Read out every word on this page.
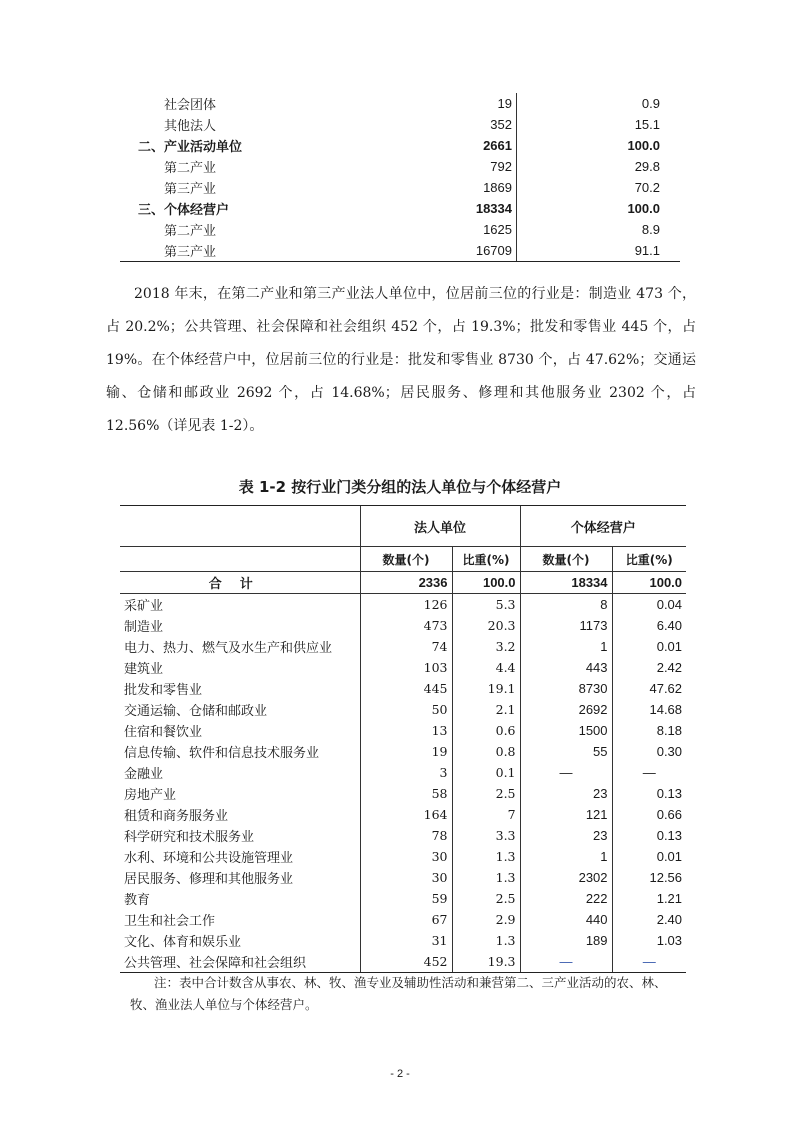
社会团体	19	0.9
其他法人	352	15.1
二、产业活动单位	2661	100.0
第二产业	792	29.8
第三产业	1869	70.2
三、个体经营户	18334	100.0
第二产业	1625	8.9
第三产业	16709	91.1
2018 年末，在第二产业和第三产业法人单位中，位居前三位的行业是：制造业 473 个，占 20.2%；公共管理、社会保障和社会组织 452 个，占 19.3%；批发和零售业 445 个，占 19%。在个体经营户中，位居前三位的行业是：批发和零售业 8730 个，占 47.62%；交通运输、仓储和邮政业 2692 个，占 14.68%；居民服务、修理和其他服务业 2302 个，占 12.56%（详见表 1-2）。
表 1-2 按行业门类分组的法人单位与个体经营户
	法人单位		个体经营户	
	数量(个)	比重(%)	数量(个)	比重(%)
合计	2336	100.0	18334	100.0
采矿业	126	5.3	8	0.04
制造业	473	20.3	1173	6.40
电力、热力、燃气及水生产和供应业	74	3.2	1	0.01
建筑业	103	4.4	443	2.42
批发和零售业	445	19.1	8730	47.62
交通运输、仓储和邮政业	50	2.1	2692	14.68
住宿和餐饮业	13	0.6	1500	8.18
信息传输、软件和信息技术服务业	19	0.8	55	0.30
金融业	3	0.1	—	—
房地产业	58	2.5	23	0.13
租赁和商务服务业	164	7	121	0.66
科学研究和技术服务业	78	3.3	23	0.13
水利、环境和公共设施管理业	30	1.3	1	0.01
居民服务、修理和其他服务业	30	1.3	2302	12.56
教育	59	2.5	222	1.21
卫生和社会工作	67	2.9	440	2.40
文化、体育和娱乐业	31	1.3	189	1.03
公共管理、社会保障和社会组织	452	19.3	—	—
注：表中合计数含从事农、林、牧、渔专业及辅助性活动和兼营第二、三产业活动的农、林、牧、渔业法人单位与个体经营户。
- 2 -
